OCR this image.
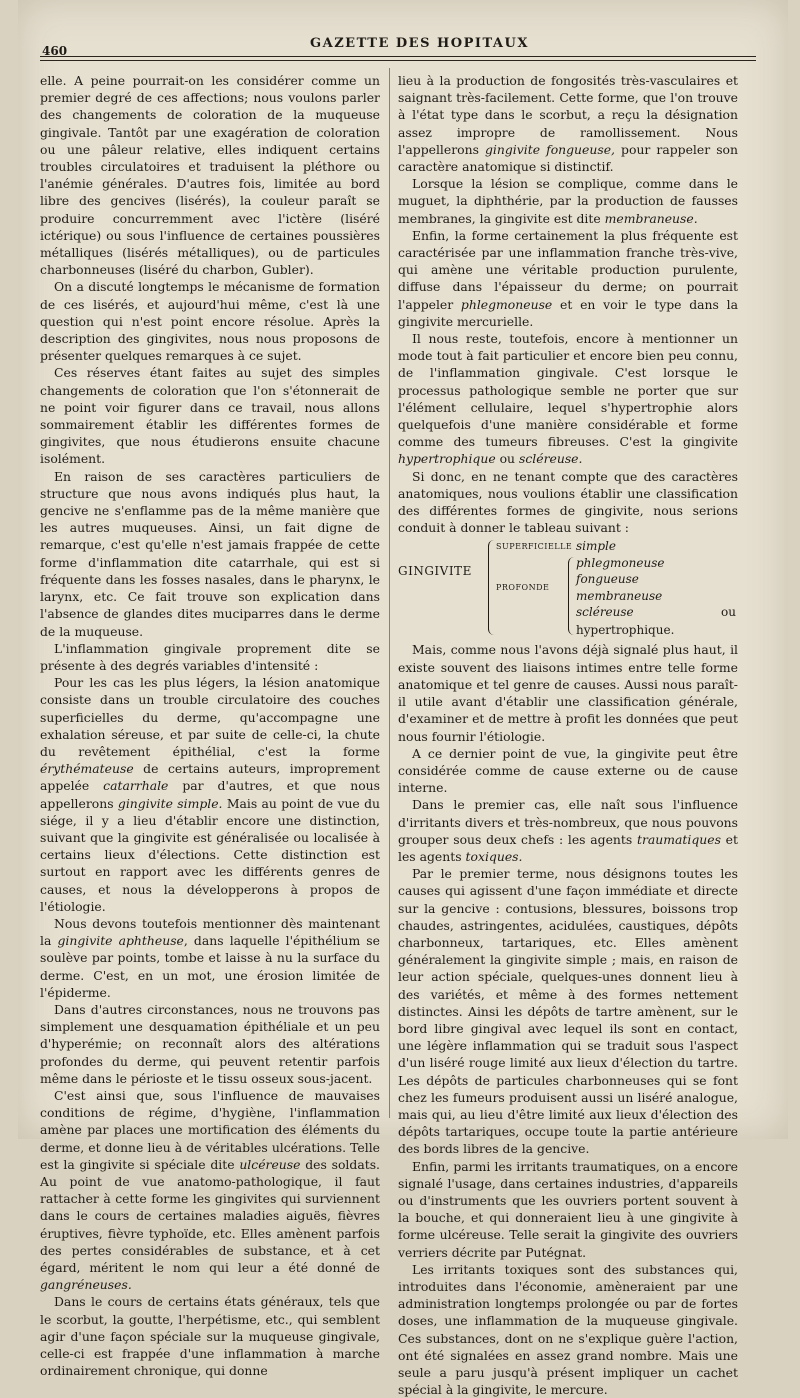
460	GAZETTE DES HOPITAUX

elle. A peine pourrait-on les considérer comme un premier degré de ces affections; nous voulons parler des changements de coloration de la muqueuse gingivale. Tantôt par une exagération de coloration ou une pâleur relative, elles indiquent certains troubles circulatoires et traduisent la pléthore ou l'anémie générales. D'autres fois, limitée au bord libre des gencives (lisérés), la couleur paraît se produire concurremment avec l'ictère (liséré ictérique) ou sous l'influence de certaines poussières métalliques (lisérés métalliques), ou de particules charbonneuses (liséré du charbon, Gubler).

On a discuté longtemps le mécanisme de formation de ces lisérés, et aujourd'hui même, c'est là une question qui n'est point encore résolue. Après la description des gingivites, nous nous proposons de présenter quelques remarques à ce sujet.

Ces réserves étant faites au sujet des simples changements de coloration que l'on s'étonnerait de ne point voir figurer dans ce travail, nous allons sommairement établir les différentes formes de gingivites, que nous étudierons ensuite chacune isolément.

En raison de ses caractères particuliers de structure que nous avons indiqués plus haut, la gencive ne s'enflamme pas de la même manière que les autres muqueuses. Ainsi, un fait digne de remarque, c'est qu'elle n'est jamais frappée de cette forme d'inflammation dite catarrhale, qui est si fréquente dans les fosses nasales, dans le pharynx, le larynx, etc. Ce fait trouve son explication dans l'absence de glandes dites muciparres dans le derme de la muqueuse.

L'inflammation gingivale proprement dite se présente à des degrés variables d'intensité :

Pour les cas les plus légers, la lésion anatomique consiste dans un trouble circulatoire des couches superficielles du derme, qu'accompagne une exhalation séreuse, et par suite de celle-ci, la chute du revêtement épithélial, c'est la forme érythémateuse de certains auteurs, improprement appelée catarrhale par d'autres, et que nous appellerons gingivite simple. Mais au point de vue du siége, il y a lieu d'établir encore une distinction, suivant que la gingivite est généralisée ou localisée à certains lieux d'élections. Cette distinction est surtout en rapport avec les différents genres de causes, et nous la développerons à propos de l'étiologie.

Nous devons toutefois mentionner dès maintenant la gingivite aphtheuse, dans laquelle l'épithélium se soulève par points, tombe et laisse à nu la surface du derme. C'est, en un mot, une érosion limitée de l'épiderme.

Dans d'autres circonstances, nous ne trouvons pas simplement une desquamation épithéliale et un peu d'hyperémie; on reconnaît alors des altérations profondes du derme, qui peuvent retentir parfois même dans le périoste et le tissu osseux sous-jacent.

C'est ainsi que, sous l'influence de mauvaises conditions de régime, d'hygiène, l'inflammation amène par places une mortification des éléments du derme, et donne lieu à de véritables ulcérations. Telle est la gingivite si spéciale dite ulcéreuse des soldats. Au point de vue anatomo-pathologique, il faut rattacher à cette forme les gingivites qui surviennent dans le cours de certaines maladies aiguës, fièvres éruptives, fièvre typhoïde, etc. Elles amènent parfois des pertes considérables de substance, et à cet égard, méritent le nom qui leur a été donné de gangréneuses.

Dans le cours de certains états généraux, tels que le scorbut, la goutte, l'herpétisme, etc., qui semblent agir d'une façon spéciale sur la muqueuse gingivale, celle-ci est frappée d'une inflammation à marche ordinairement chronique, qui donne

lieu à la production de fongosités très-vasculaires et saignant très-facilement. Cette forme, que l'on trouve à l'état type dans le scorbut, a reçu la désignation assez impropre de ramollissement. Nous l'appellerons gingivite fongueuse, pour rappeler son caractère anatomique si distinctif.

Lorsque la lésion se complique, comme dans le muguet, la diphthérie, par la production de fausses membranes, la gingivite est dite membraneuse.

Enfin, la forme certainement la plus fréquente est caractérisée par une inflammation franche très-vive, qui amène une véritable production purulente, diffuse dans l'épaisseur du derme; on pourrait l'appeler phlegmoneuse et en voir le type dans la gingivite mercurielle.

Il nous reste, toutefois, encore à mentionner un mode tout à fait particulier et encore bien peu connu, de l'inflammation gingivale. C'est lorsque le processus pathologique semble ne porter que sur l'élément cellulaire, lequel s'hypertrophie alors quelquefois d'une manière considérable et forme comme des tumeurs fibreuses. C'est la gingivite hypertrophique ou scléreuse.

Si donc, en ne tenant compte que des caractères anatomiques, nous voulions établir une classification des différentes formes de gingivite, nous serions conduit à donner le tableau suivant :

GINGIVITE
SUPERFICIELLE
PROFONDE
simple
phlegmoneuse
fongueuse
membraneuse
scléreuse ou hypertrophique.

Mais, comme nous l'avons déjà signalé plus haut, il existe souvent des liaisons intimes entre telle forme anatomique et tel genre de causes. Aussi nous paraît-il utile avant d'établir une classification générale, d'examiner et de mettre à profit les données que peut nous fournir l'étiologie.

A ce dernier point de vue, la gingivite peut être considérée comme de cause externe ou de cause interne.

Dans le premier cas, elle naît sous l'influence d'irritants divers et très-nombreux, que nous pouvons grouper sous deux chefs : les agents traumatiques et les agents toxiques.

Par le premier terme, nous désignons toutes les causes qui agissent d'une façon immédiate et directe sur la gencive : contusions, blessures, boissons trop chaudes, astringentes, acidulées, caustiques, dépôts charbonneux, tartariques, etc. Elles amènent généralement la gingivite simple ; mais, en raison de leur action spéciale, quelques-unes donnent lieu à des variétés, et même à des formes nettement distinctes. Ainsi les dépôts de tartre amènent, sur le bord libre gingival avec lequel ils sont en contact, une légère inflammation qui se traduit sous l'aspect d'un liséré rouge limité aux lieux d'élection du tartre. Les dépôts de particules charbonneuses qui se font chez les fumeurs produisent aussi un liséré analogue, mais qui, au lieu d'être limité aux lieux d'élection des dépôts tartariques, occupe toute la partie antérieure des bords libres de la gencive.

Enfin, parmi les irritants traumatiques, on a encore signalé l'usage, dans certaines industries, d'appareils ou d'instruments que les ouvriers portent souvent à la bouche, et qui donneraient lieu à une gingivite à forme ulcéreuse. Telle serait la gingivite des ouvriers verriers décrite par Putégnat.

Les irritants toxiques sont des substances qui, introduites dans l'économie, amèneraient par une administration longtemps prolongée ou par de fortes doses, une inflammation de la muqueuse gingivale. Ces substances, dont on ne s'explique guère l'action, ont été signalées en assez grand nombre. Mais une seule a paru jusqu'à présent impliquer un cachet spécial à la gingivite, le mercure.
